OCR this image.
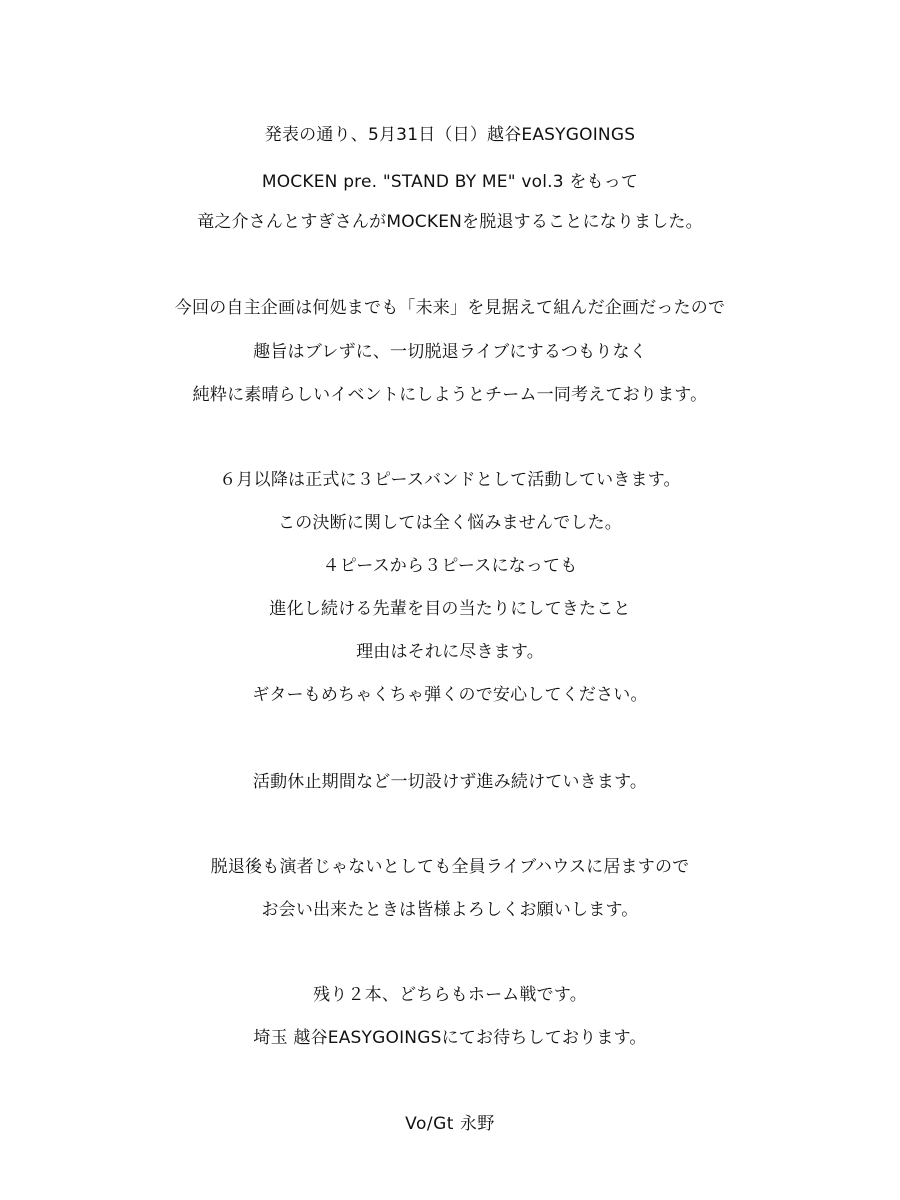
発表の通り、5月31日（日）越谷EASYGOINGS
MOCKEN pre. "STAND BY ME" vol.3 をもって
竜之介さんとすぎさんがMOCKENを脱退することになりました。
今回の自主企画は何処までも「未来」を見据えて組んだ企画だったので
趣旨はブレずに、一切脱退ライブにするつもりなく
純粋に素晴らしいイベントにしようとチーム一同考えております。
６月以降は正式に３ピースバンドとして活動していきます。
この決断に関しては全く悩みませんでした。
４ピースから３ピースになっても
進化し続ける先輩を目の当たりにしてきたこと
理由はそれに尽きます。
ギターもめちゃくちゃ弾くので安心してください。
活動休止期間など一切設けず進み続けていきます。
脱退後も演者じゃないとしても全員ライブハウスに居ますので
お会い出来たときは皆様よろしくお願いします。
残り２本、どちらもホーム戦です。
埼玉 越谷EASYGOINGSにてお待ちしております。
Vo/Gt 永野
